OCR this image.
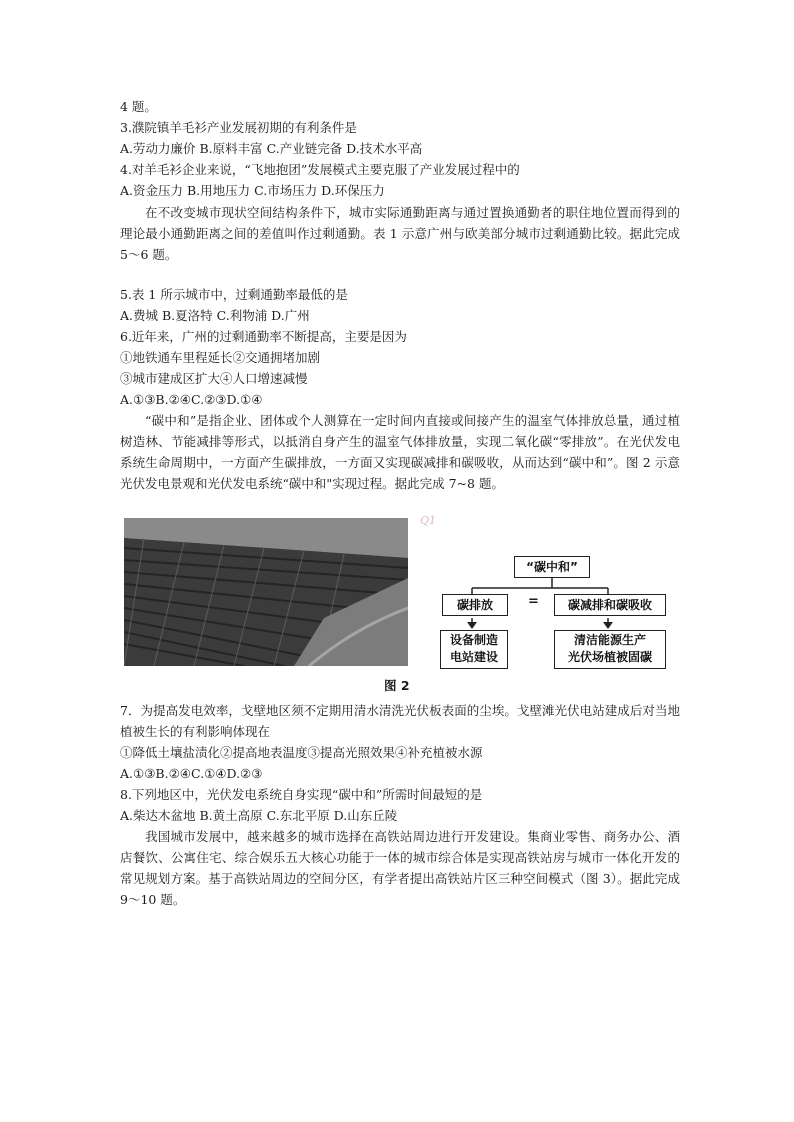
4 题。
3.濮院镇羊毛衫产业发展初期的有利条件是
A.劳动力廉价 B.原料丰富 C.产业链完备 D.技术水平高
4.对羊毛衫企业来说，“飞地抱团”发展模式主要克服了产业发展过程中的
A.资金压力 B.用地压力 C.市场压力 D.环保压力
在不改变城市现状空间结构条件下，城市实际通勤距离与通过置换通勤者的职住地位置而得到的理论最小通勤距离之间的差值叫作过剩通勤。表 1 示意广州与欧美部分城市过剩通勤比较。据此完成 5～6 题。
5.表 1 所示城市中，过剩通勤率最低的是
A.费城 B.夏洛特 C.利物浦 D.广州
6.近年来，广州的过剩通勤率不断提高，主要是因为
①地铁通车里程延长②交通拥堵加剧
③城市建成区扩大④人口增速减慢
A.①③B.②④C.②③D.①④
“碳中和”是指企业、团体或个人测算在一定时间内直接或间接产生的温室气体排放总量，通过植树造林、节能减排等形式，以抵消自身产生的温室气体排放量，实现二氧化碳“零排放”。在光伏发电系统生命周期中，一方面产生碳排放，一方面又实现碳减排和碳吸收，从而达到“碳中和”。图 2 示意光伏发电景观和光伏发电系统“碳中和"实现过程。据此完成 7~8 题。
Q1
“碳中和”
碳排放	=	碳减排和碳吸收
设备制造
电站建设
清洁能源生产
光伏场植被固碳
图 2
7．为提高发电效率，戈壁地区须不定期用清水清洗光伏板表面的尘埃。戈壁滩光伏电站建成后对当地植被生长的有利影响体现在
①降低土壤盐渍化②提高地表温度③提高光照效果④补充植被水源
A.①③B.②④C.①④D.②③
8.下列地区中，光伏发电系统自身实现“碳中和”所需时间最短的是
A.柴达木盆地 B.黄土高原 C.东北平原 D.山东丘陵
我国城市发展中，越来越多的城市选择在高铁站周边进行开发建设。集商业零售、商务办公、酒店餐饮、公寓住宅、综合娱乐五大核心功能于一体的城市综合体是实现高铁站房与城市一体化开发的常见规划方案。基于高铁站周边的空间分区，有学者提出高铁站片区三种空间模式（图 3）。据此完成 9～10 题。
